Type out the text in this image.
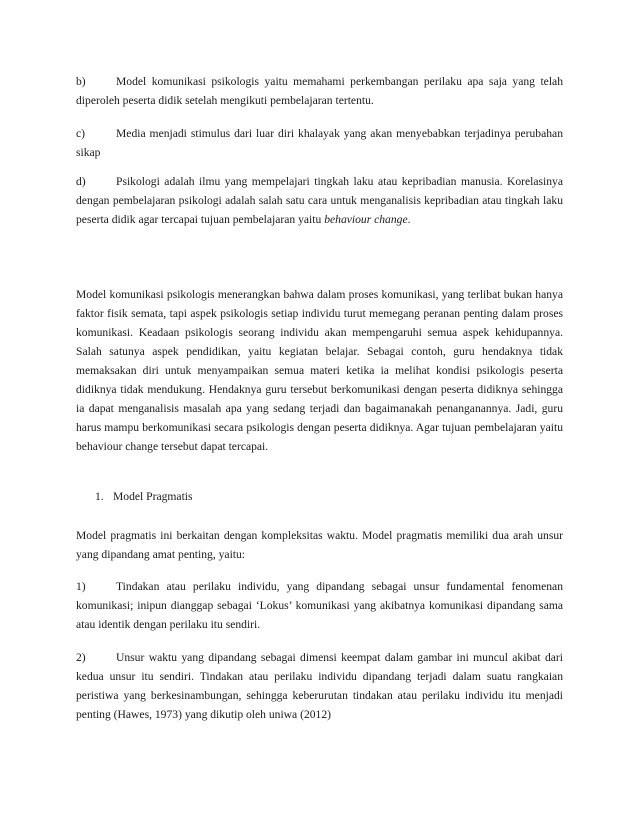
b)	Model komunikasi psikologis yaitu memahami perkembangan perilaku apa saja yang telah diperoleh peserta didik setelah mengikuti pembelajaran tertentu.

c)	Media menjadi stimulus dari luar diri khalayak yang akan menyebabkan terjadinya perubahan sikap

d)	Psikologi adalah ilmu yang mempelajari tingkah laku atau kepribadian manusia. Korelasinya dengan pembelajaran psikologi adalah salah satu cara untuk menganalisis kepribadian atau tingkah laku peserta didik agar tercapai tujuan pembelajaran yaitu behaviour change.

Model komunikasi psikologis menerangkan bahwa dalam proses komunikasi, yang terlibat bukan hanya faktor fisik semata, tapi aspek psikologis setiap individu turut memegang peranan penting dalam proses komunikasi. Keadaan psikologis seorang individu akan mempengaruhi semua aspek kehidupannya. Salah satunya aspek pendidikan, yaitu kegiatan belajar. Sebagai contoh, guru hendaknya tidak memaksakan diri untuk menyampaikan semua materi ketika ia melihat kondisi psikologis peserta didiknya tidak mendukung. Hendaknya guru tersebut berkomunikasi dengan peserta didiknya sehingga ia dapat menganalisis masalah apa yang sedang terjadi dan bagaimanakah penanganannya. Jadi, guru harus mampu berkomunikasi secara psikologis dengan peserta didiknya. Agar tujuan pembelajaran yaitu behaviour change tersebut dapat tercapai.

1. Model Pragmatis

Model pragmatis ini berkaitan dengan kompleksitas waktu. Model pragmatis memiliki dua arah unsur yang dipandang amat penting, yaitu:

1)	Tindakan atau perilaku individu, yang dipandang sebagai unsur fundamental fenomenan komunikasi; inipun dianggap sebagai ‘Lokus’ komunikasi yang akibatnya komunikasi dipandang sama atau identik dengan perilaku itu sendiri.

2)	Unsur waktu yang dipandang sebagai dimensi keempat dalam gambar ini muncul akibat dari kedua unsur itu sendiri. Tindakan atau perilaku individu dipandang terjadi dalam suatu rangkaian peristiwa yang berkesinambungan, sehingga keberurutan tindakan atau perilaku individu itu menjadi penting (Hawes, 1973) yang dikutip oleh uniwa (2012)
